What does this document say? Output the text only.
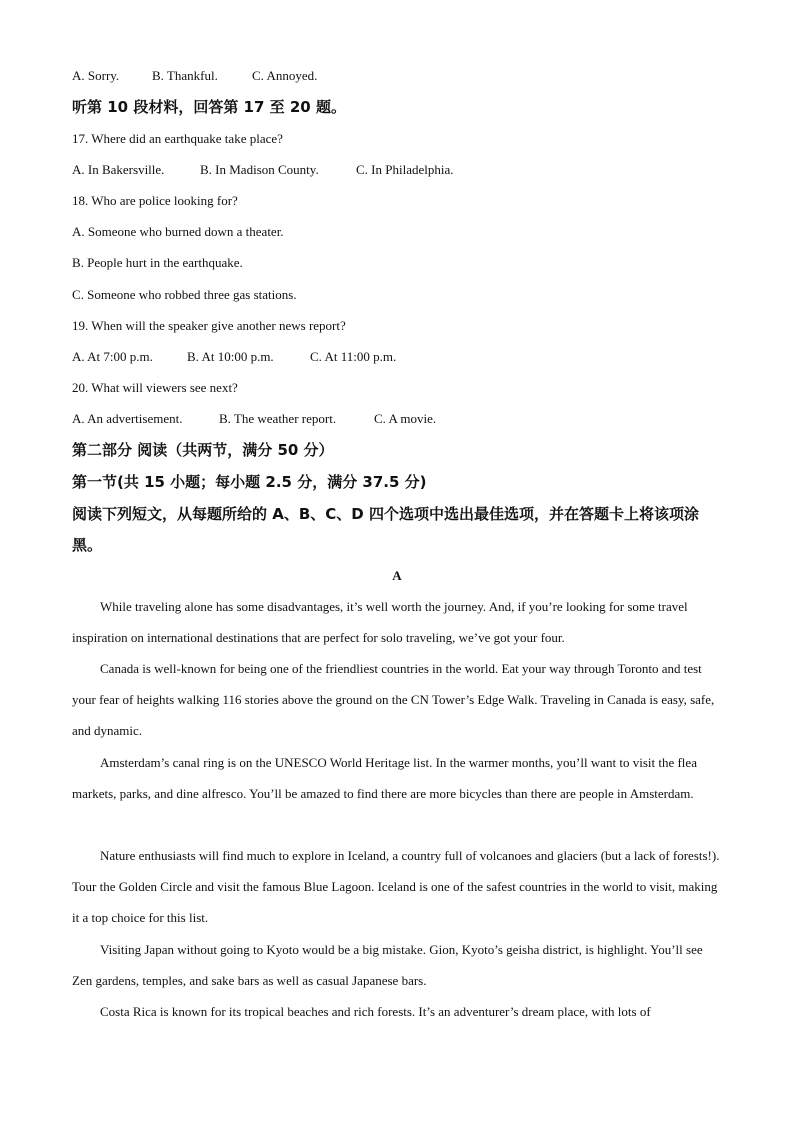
A. Sorry.	B. Thankful.	C. Annoyed.
听第 10 段材料，回答第 17 至 20 题。
17. Where did an earthquake take place?
A. In Bakersville.	B. In Madison County.	C. In Philadelphia.
18. Who are police looking for?
A. Someone who burned down a theater.
B. People hurt in the earthquake.
C. Someone who robbed three gas stations.
19. When will the speaker give another news report?
A. At 7:00 p.m.	B. At 10:00 p.m.	C. At 11:00 p.m.
20. What will viewers see next?
A. An advertisement.	B. The weather report.	C. A movie.
第二部分 阅读（共两节，满分 50 分）
第一节(共 15 小题；每小题 2.5 分，满分 37.5 分)
阅读下列短文，从每题所给的 A、B、C、D 四个选项中选出最佳选项，并在答题卡上将该项涂黑。
A
While traveling alone has some disadvantages, it’s well worth the journey. And, if you’re looking for some travel inspiration on international destinations that are perfect for solo traveling, we’ve got your four.
Canada is well-known for being one of the friendliest countries in the world. Eat your way through Toronto and test your fear of heights walking 116 stories above the ground on the CN Tower’s Edge Walk. Traveling in Canada is easy, safe, and dynamic.
Amsterdam’s canal ring is on the UNESCO World Heritage list. In the warmer months, you’ll want to visit the flea markets, parks, and dine alfresco. You’ll be amazed to find there are more bicycles than there are people in Amsterdam.
Nature enthusiasts will find much to explore in Iceland, a country full of volcanoes and glaciers (but a lack of forests!). Tour the Golden Circle and visit the famous Blue Lagoon. Iceland is one of the safest countries in the world to visit, making it a top choice for this list.
Visiting Japan without going to Kyoto would be a big mistake. Gion, Kyoto’s geisha district, is highlight. You’ll see Zen gardens, temples, and sake bars as well as casual Japanese bars.
Costa Rica is known for its tropical beaches and rich forests. It’s an adventurer’s dream place, with lots of
